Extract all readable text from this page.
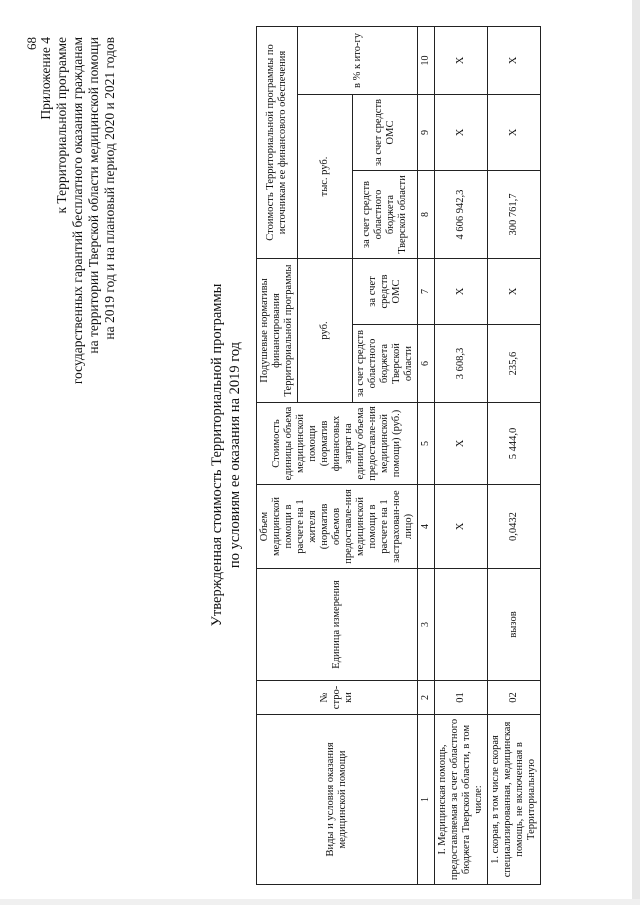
68 Приложение 4 к Территориальной программе государственных гарантий бесплатного оказания гражданам на территории Тверской области медицинской помощи на 2019 год и на плановый период 2020 и 2021 годов
Утвержденная стоимость Территориальной программы по условиям ее оказания на 2019 год
Виды и условия оказания медицинской помощи	№ стро-ки	Единица измерения	Объем медицинской помощи в расчете на 1 жителя (норматив объемов предоставле-ния медицинской помощи в расчете на 1 застрахован-ное лицо)	Стоимость единицы объема медицинской помощи (норматив финансовых затрат на единицу объема предоставле-ния медицинской помощи) (руб.)	Подушевые нормативы финансирования Территориальной программы		Стоимость Территориальной программы по источникам ее финансового обеспечения		
					руб.		тыс. руб.		в % к ито-гу
					за счет средств областного бюджета Тверской области	за счет средств ОМС	за счет средств областного бюджета Тверской области	за счет средств ОМС	
1	2	3	4	5	6	7	8	9	10
I. Медицинская помощь, предоставляемая за счет областного бюджета Тверской области, в том числе:	01		X	X	3 608,3	X	4 606 942,3	X	X
1. скорая, в том числе скорая специализированная, медицинская помощь, не включенная в Территориальную	02	вызов	0,0432	5 444,0	235,6	X	300 761,7	X	X
